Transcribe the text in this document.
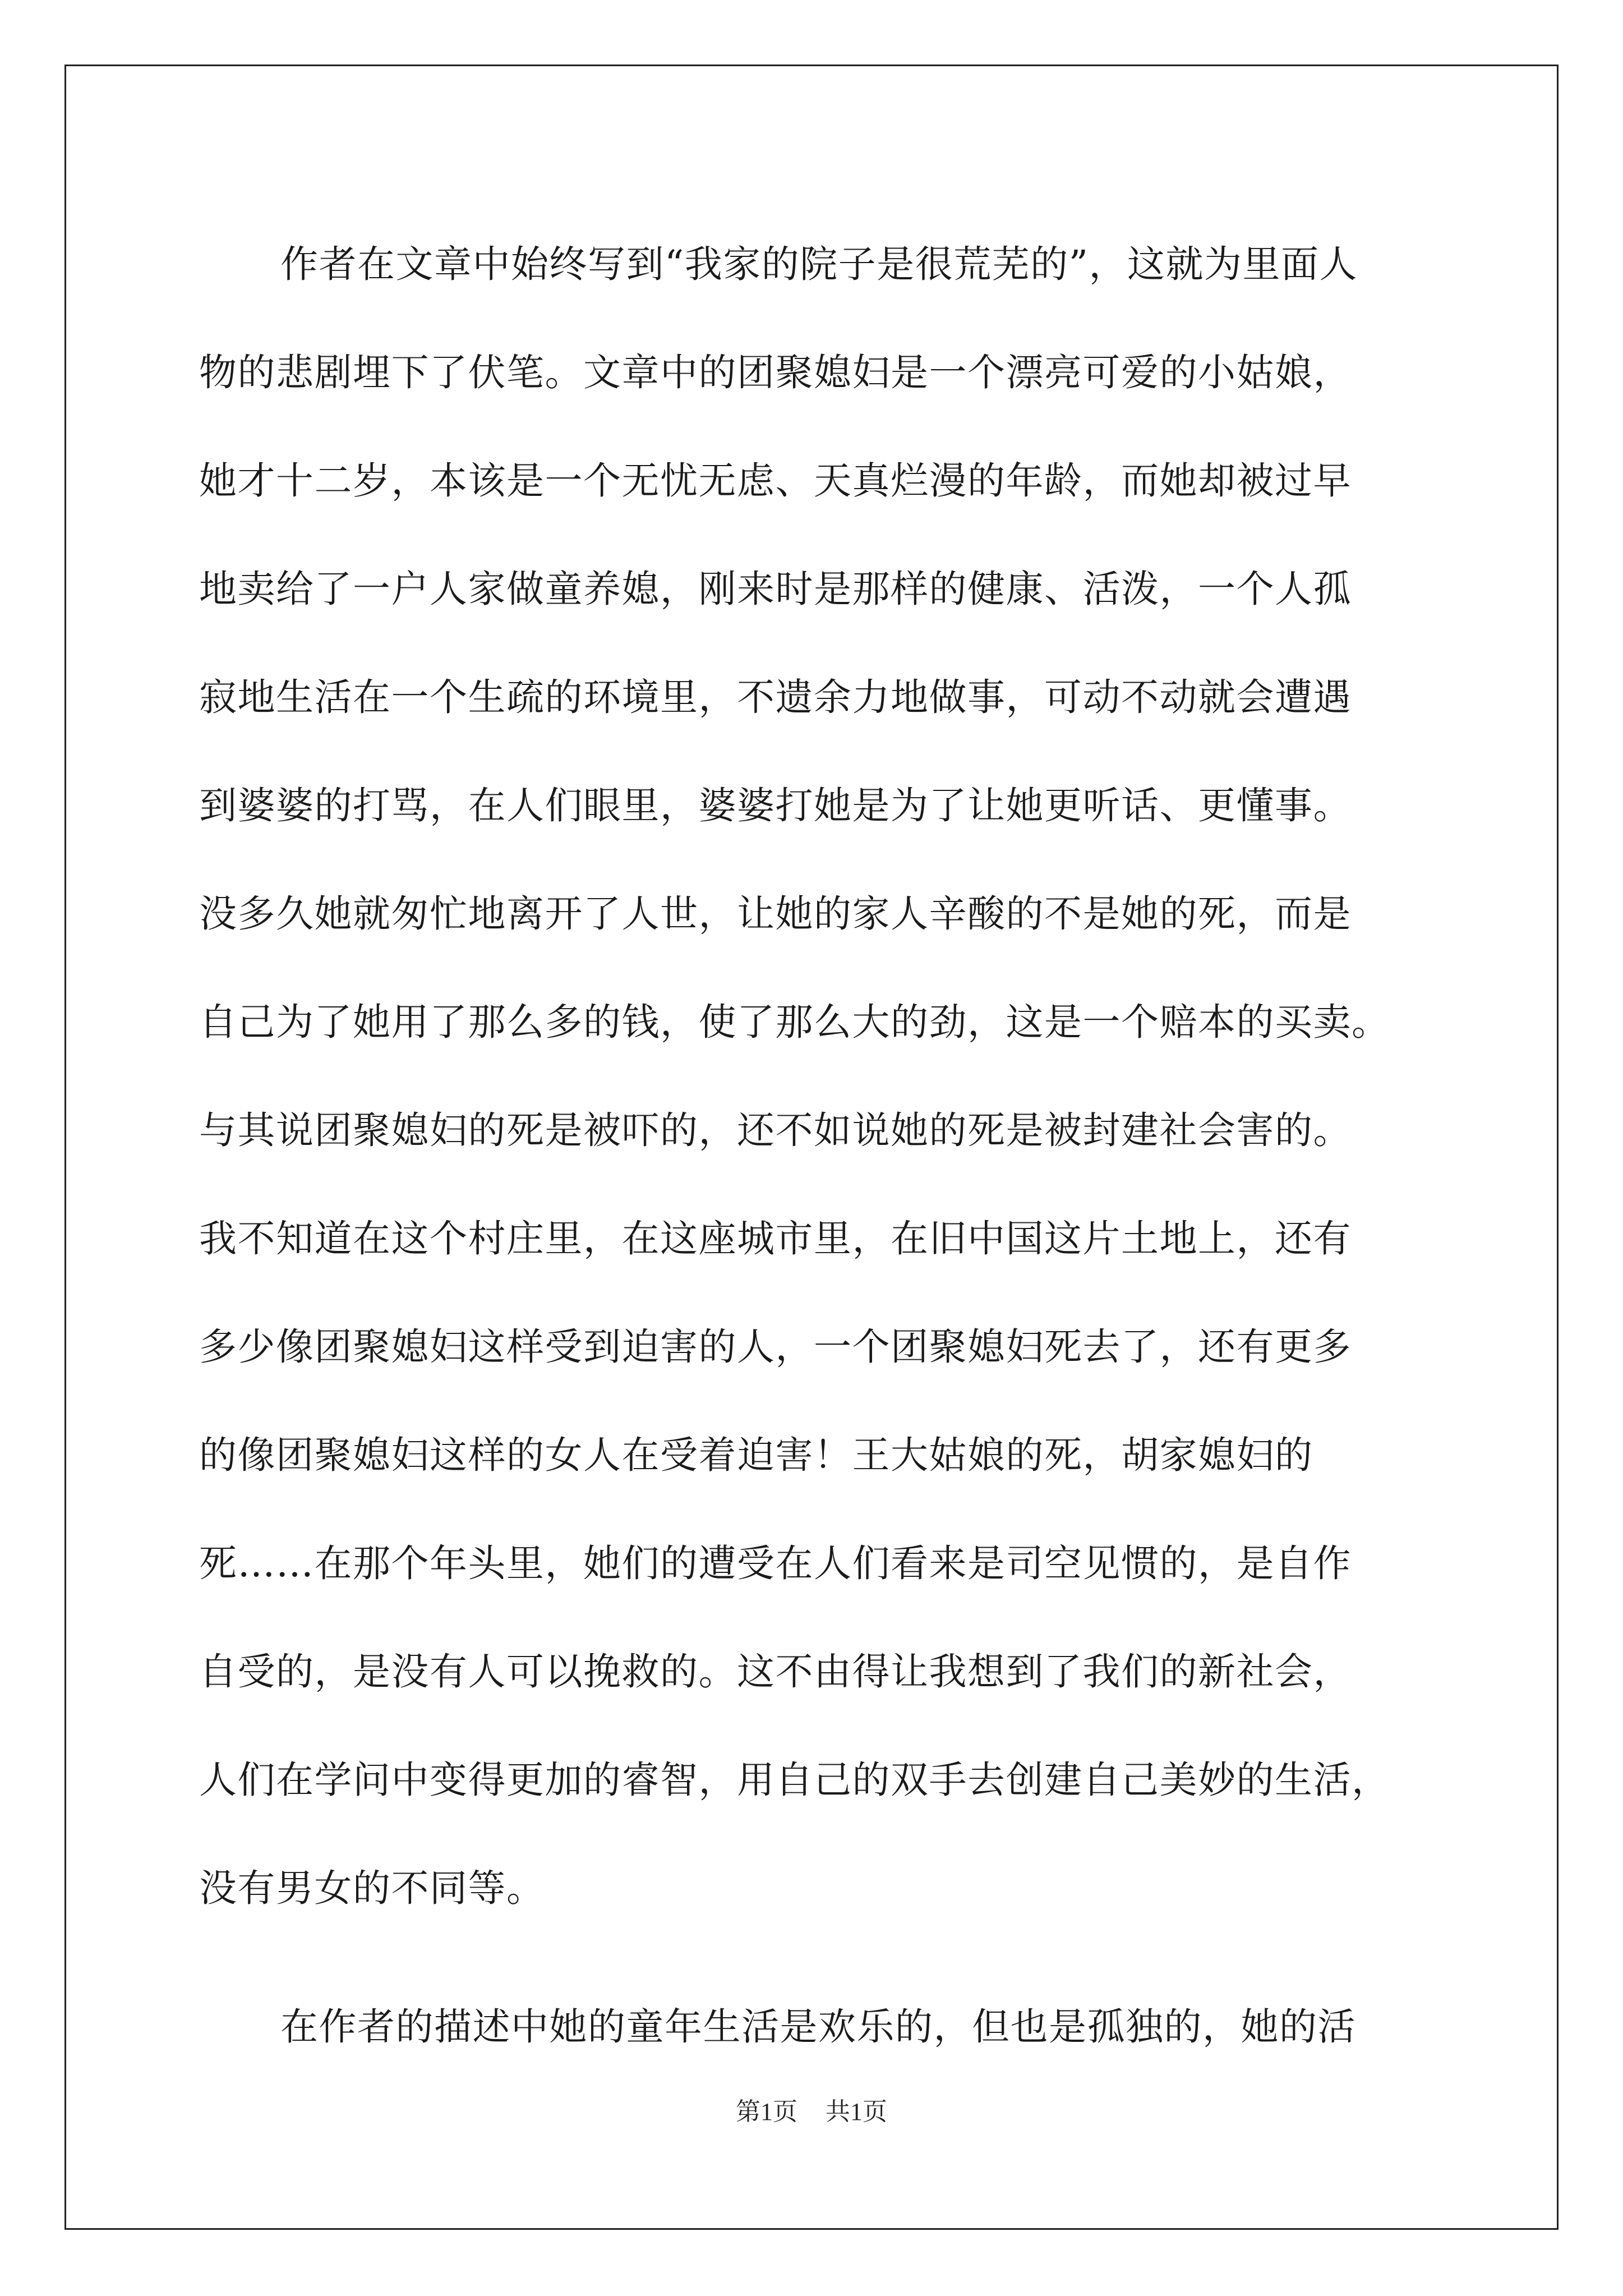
作者在文章中始终写到“我家的院子是很荒芜的”，这就为里面人
物的悲剧埋下了伏笔。文章中的团聚媳妇是一个漂亮可爱的小姑娘，
她才十二岁，本该是一个无忧无虑、天真烂漫的年龄，而她却被过早
地卖给了一户人家做童养媳，刚来时是那样的健康、活泼，一个人孤
寂地生活在一个生疏的环境里，不遗余力地做事，可动不动就会遭遇
到婆婆的打骂，在人们眼里，婆婆打她是为了让她更听话、更懂事。
没多久她就匆忙地离开了人世，让她的家人辛酸的不是她的死，而是
自己为了她用了那么多的钱，使了那么大的劲，这是一个赔本的买卖。
与其说团聚媳妇的死是被吓的，还不如说她的死是被封建社会害的。
我不知道在这个村庄里，在这座城市里，在旧中国这片土地上，还有
多少像团聚媳妇这样受到迫害的人，一个团聚媳妇死去了，还有更多
的像团聚媳妇这样的女人在受着迫害！王大姑娘的死，胡家媳妇的
死……在那个年头里，她们的遭受在人们看来是司空见惯的，是自作
自受的，是没有人可以挽救的。这不由得让我想到了我们的新社会，
人们在学问中变得更加的睿智，用自己的双手去创建自己美妙的生活，
没有男女的不同等。
在作者的描述中她的童年生活是欢乐的，但也是孤独的，她的活
第1页 共1页
